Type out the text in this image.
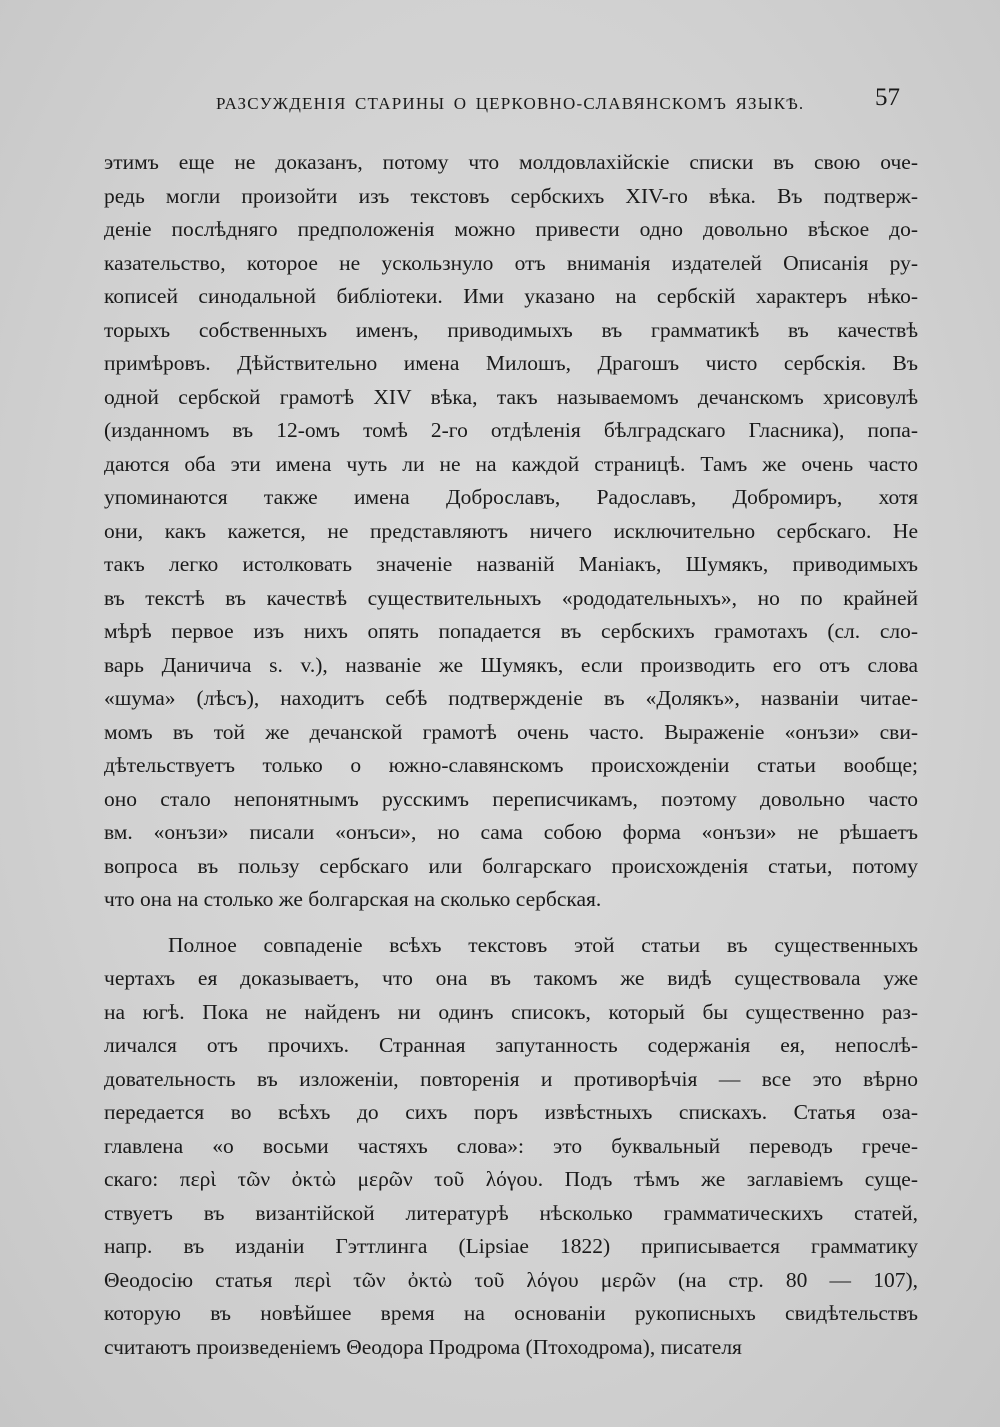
РАЗСУЖДЕНІЯ СТАРИНЫ О ЦЕРКОВНО-СЛАВЯНСКОМЪ ЯЗЫКѢ.	57
этимъ еще не доказанъ, потому что молдовлахійскіе списки въ свою оче-
редь могли произойти изъ текстовъ сербскихъ XIV-го вѣка. Въ подтверж-
деніе послѣдняго предположенія можно привести одно довольно вѣское до-
казательство, которое не ускользнуло отъ вниманія издателей Описанія ру-
кописей синодальной библіотеки. Ими указано на сербскій характеръ нѣко-
торыхъ собственныхъ именъ, приводимыхъ въ грамматикѣ въ качествѣ
примѣровъ. Дѣйствительно имена Милошъ, Драгошъ чисто сербскія. Въ
одной сербской грамотѣ XIV вѣка, такъ называемомъ дечанскомъ хрисовулѣ
(изданномъ въ 12-омъ томѣ 2-го отдѣленія бѣлградскаго Гласника), попа-
даются оба эти имена чуть ли не на каждой страницѣ. Тамъ же очень часто
упоминаются также имена Доброславъ, Радославъ, Добромиръ, хотя
они, какъ кажется, не представляютъ ничего исключительно сербскаго. Не
такъ легко истолковать значеніе названій Маніакъ, Шумякъ, приводимыхъ
въ текстѣ въ качествѣ существительныхъ «рододательныхъ», но по крайней
мѣрѣ первое изъ нихъ опять попадается въ сербскихъ грамотахъ (сл. сло-
варь Даничича s. v.), названіе же Шумякъ, если производить его отъ слова
«шума» (лѣсъ), находитъ себѣ подтвержденіе въ «Долякъ», названіи читае-
момъ въ той же дечанской грамотѣ очень часто. Выраженіе «онъзи» сви-
дѣтельствуетъ только о южно-славянскомъ происхожденіи статьи вообще;
оно стало непонятнымъ русскимъ переписчикамъ, поэтому довольно часто
вм. «онъзи» писали «онъси», но сама собою форма «онъзи» не рѣшаетъ
вопроса въ пользу сербскаго или болгарскаго происхожденія статьи, потому
что она на столько же болгарская на сколько сербская.
Полное совпаденіе всѣхъ текстовъ этой статьи въ существенныхъ
чертахъ ея доказываетъ, что она въ такомъ же видѣ существовала уже
на югѣ. Пока не найденъ ни одинъ списокъ, который бы существенно раз-
личался отъ прочихъ. Странная запутанность содержанія ея, непослѣ-
довательность въ изложеніи, повторенія и противорѣчія — все это вѣрно
передается во всѣхъ до сихъ поръ извѣстныхъ спискахъ. Статья оза-
главлена «о восьми частяхъ слова»: это буквальный переводъ грече-
скаго: περὶ τῶν ὀκτὼ μερῶν τοῦ λόγου. Подъ тѣмъ же заглавіемъ суще-
ствуетъ въ византійской литературѣ нѣсколько грамматическихъ статей,
напр. въ изданіи Гэттлинга (Lipsiae 1822) приписывается грамматику
Θеодосію статья περὶ τῶν ὀκτὼ τοῦ λόγου μερῶν (на стр. 80 — 107),
которую въ новѣйшее время на основаніи рукописныхъ свидѣтельствъ
считаютъ произведеніемъ Θеодора Продрома (Птоходрома), писателя
